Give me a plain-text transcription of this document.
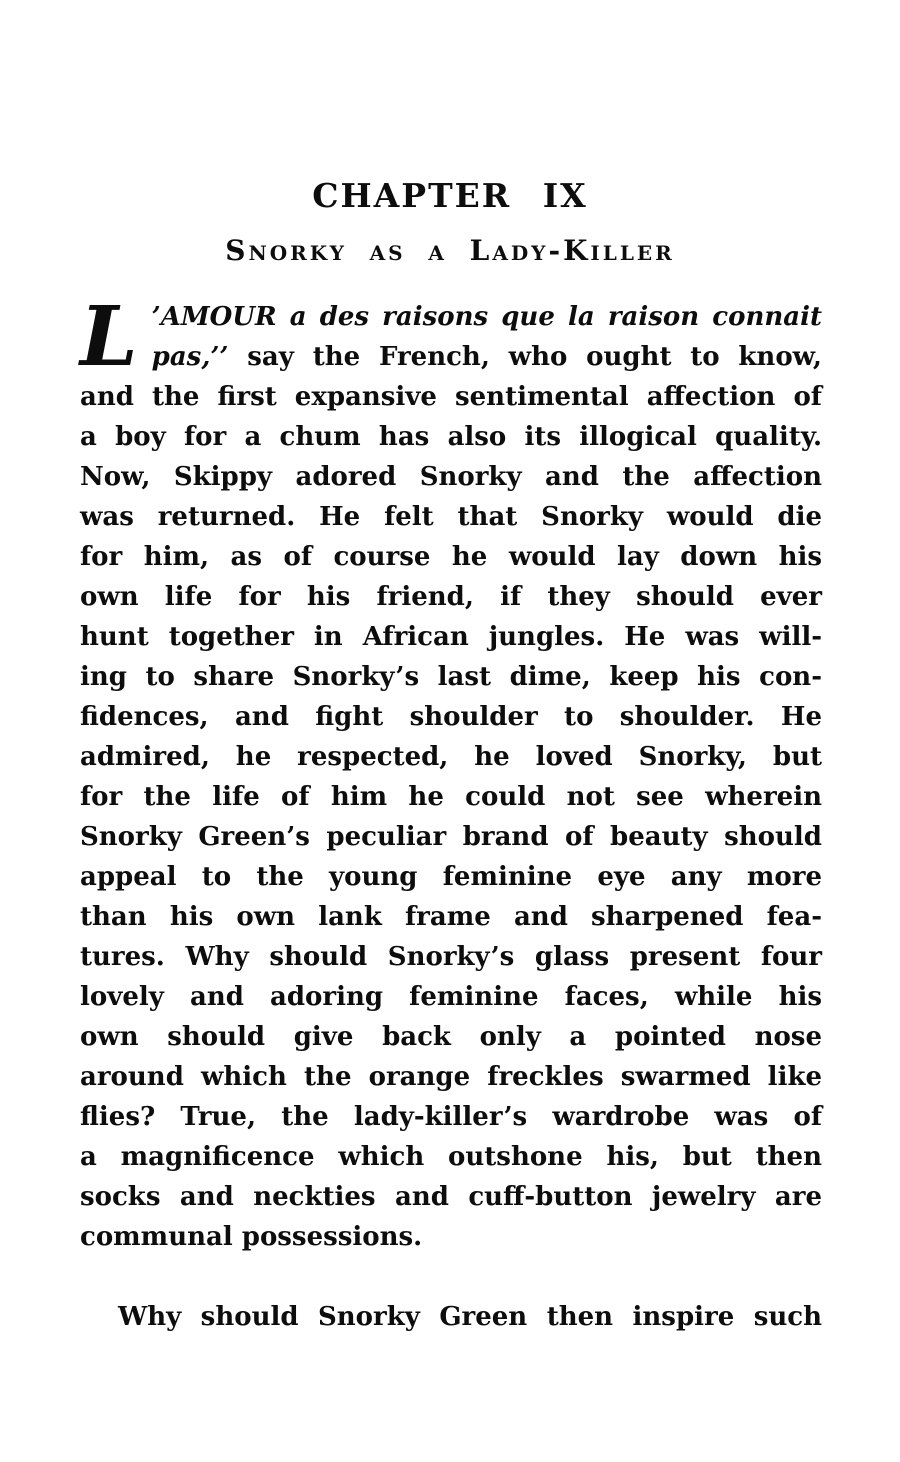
CHAPTER IX
Snorky as a Lady-Killer
L ’AMOUR a des raisons que la raison connait
pas,’’ say the French, who ought to know,
and the first expansive sentimental affection of
a boy for a chum has also its illogical quality.
Now, Skippy adored Snorky and the affection
was returned. He felt that Snorky would die
for him, as of course he would lay down his
own life for his friend, if they should ever
hunt together in African jungles. He was will-
ing to share Snorky’s last dime, keep his con-
fidences, and fight shoulder to shoulder. He
admired, he respected, he loved Snorky, but
for the life of him he could not see wherein
Snorky Green’s peculiar brand of beauty should
appeal to the young feminine eye any more
than his own lank frame and sharpened fea-
tures. Why should Snorky’s glass present four
lovely and adoring feminine faces, while his
own should give back only a pointed nose
around which the orange freckles swarmed like
flies? True, the lady-killer’s wardrobe was of
a magnificence which outshone his, but then
socks and neckties and cuff-button jewelry are
communal possessions.
Why should Snorky Green then inspire such
